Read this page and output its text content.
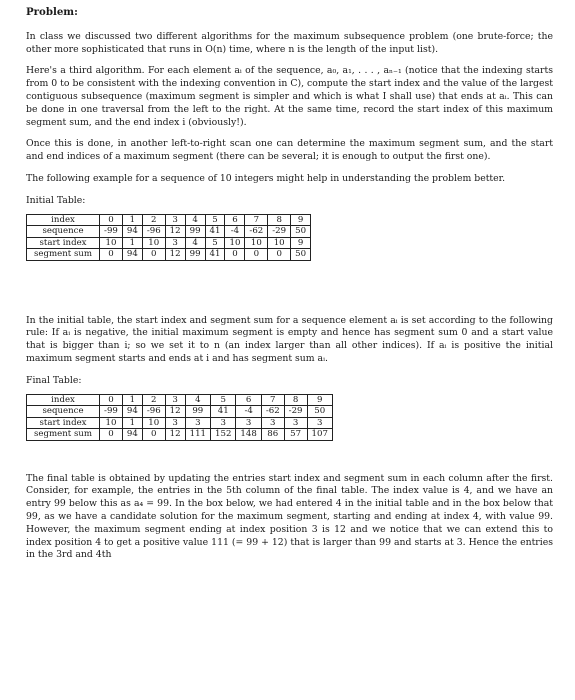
Problem:

In class we discussed two different algorithms for the maximum subsequence problem (one brute-force; the other more sophisticated that runs in O(n) time, where n is the length of the input list).

Here's a third algorithm. For each element aᵢ of the sequence, a₀, a₁, . . . , aₙ₋₁ (notice that the indexing starts from 0 to be consistent with the indexing convention in C), compute the start index and the value of the largest contiguous subsequence (maximum segment is simpler and which is what I shall use) that ends at aᵢ. This can be done in one traversal from the left to the right. At the same time, record the start index of this maximum segment sum, and the end index i (obviously!).

Once this is done, in another left-to-right scan one can determine the maximum segment sum, and the start and end indices of a maximum segment (there can be several; it is enough to output the first one).

The following example for a sequence of 10 integers might help in understanding the problem better.

Initial Table:
index	0	1	2	3	4	5	6	7	8	9
sequence	-99	94	-96	12	99	41	-4	-62	-29	50
start index	10	1	10	3	4	5	10	10	10	9
segment sum	0	94	0	12	99	41	0	0	0	50

In the initial table, the start index and segment sum for a sequence element aᵢ is set according to the following rule: If aᵢ is negative, the initial maximum segment is empty and hence has segment sum 0 and a start value that is bigger than i; so we set it to n (an index larger than all other indices). If aᵢ is positive the initial maximum segment starts and ends at i and has segment sum aᵢ.

Final Table:
index	0	1	2	3	4	5	6	7	8	9
sequence	-99	94	-96	12	99	41	-4	-62	-29	50
start index	10	1	10	3	3	3	3	3	3	3
segment sum	0	94	0	12	111	152	148	86	57	107

The final table is obtained by updating the entries start index and segment sum in each column after the first. Consider, for example, the entries in the 5th column of the final table. The index value is 4, and we have an entry 99 below this as a₄ = 99. In the box below, we had entered 4 in the initial table and in the box below that 99, as we have a candidate solution for the maximum segment, starting and ending at index 4, with value 99. However, the maximum segment ending at index position 3 is 12 and we notice that we can extend this to index position 4 to get a positive value 111 (= 99 + 12) that is larger than 99 and starts at 3. Hence the entries in the 3rd and 4th
